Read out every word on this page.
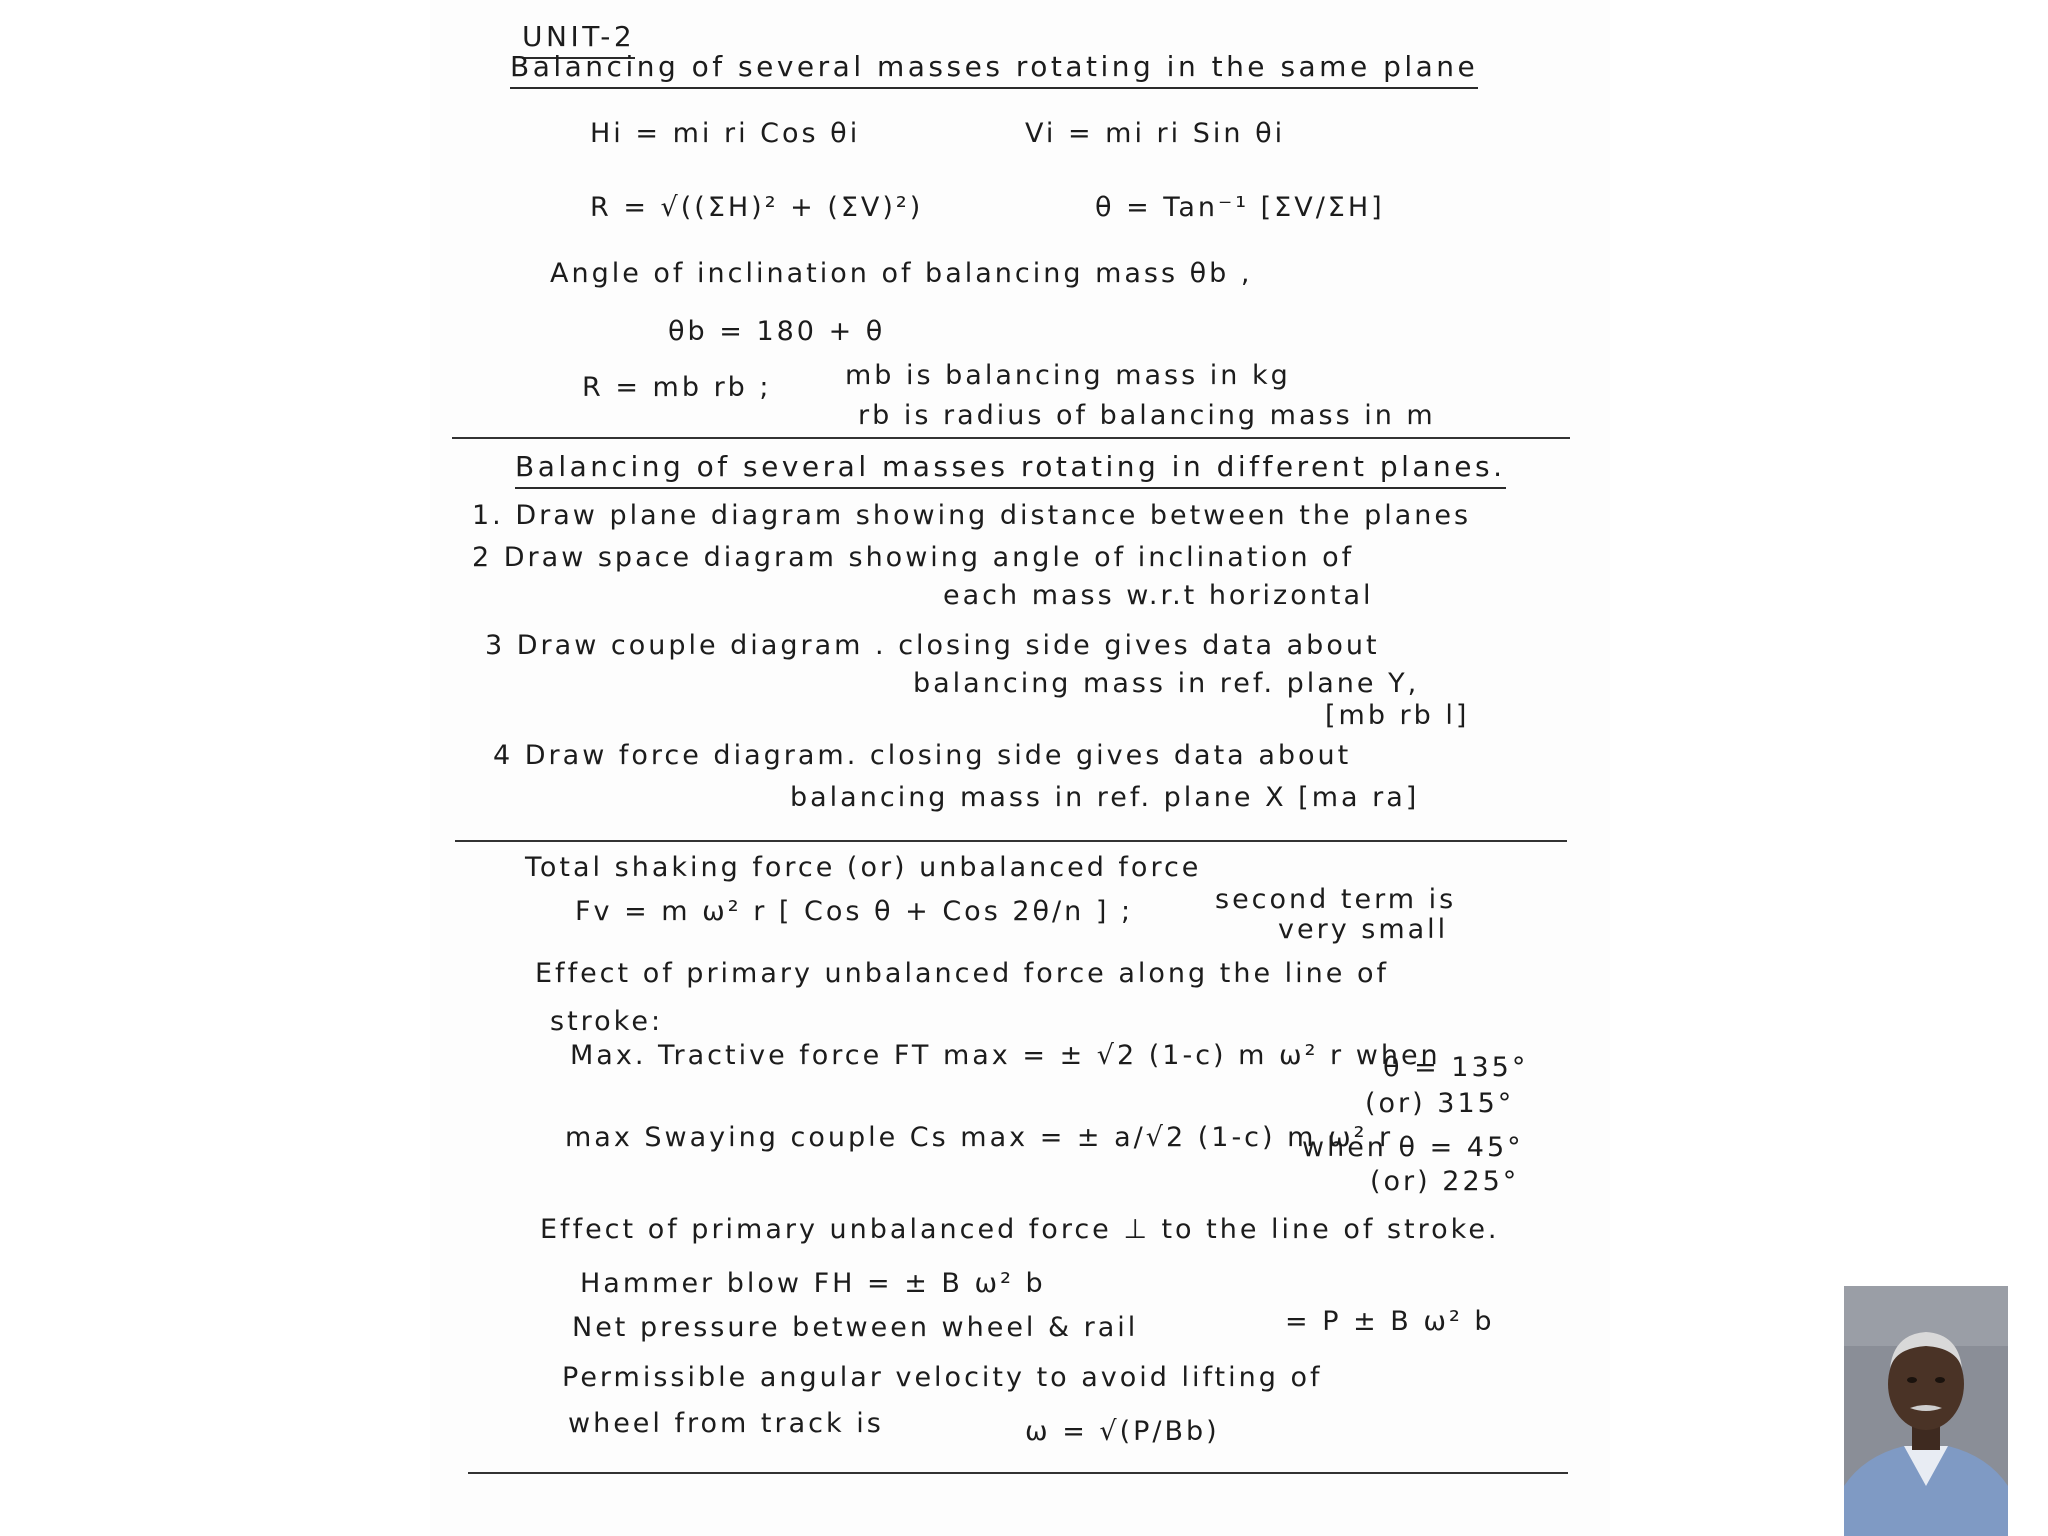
UNIT-2
Balancing of several masses rotating in the same plane
Hi = mi ri Cos θi	Vi = mi ri Sin θi
R = √((ΣH)² + (ΣV)²)	θ = Tan⁻¹ [ΣV/ΣH]
Angle of inclination of balancing mass θb ,
θb = 180 + θ
R = mb rb ;	mb is balancing mass in kg
rb is radius of balancing mass in m
Balancing of several masses rotating in different planes.
1. Draw plane diagram showing distance between the planes
2 Draw space diagram showing angle of inclination of
each mass w.r.t horizontal
3 Draw couple diagram . closing side gives data about
balancing mass in ref. plane Y,
[mb rb l]
4 Draw force diagram. closing side gives data about
balancing mass in ref. plane X [ma ra]
Total shaking force (or) unbalanced force
Fv = m ω² r [ Cos θ + Cos 2θ/n ] ;	second term is
very small
Effect of primary unbalanced force along the line of
stroke:
Max. Tractive force FT max = ± √2 (1-c) m ω² r when
θ = 135°
(or) 315°
max Swaying couple Cs max = ± a/√2 (1-c) m ω² r
when θ = 45°
(or) 225°
Effect of primary unbalanced force ⊥ to the line of stroke.
Hammer blow FH = ± B ω² b
Net pressure between wheel & rail	= P ± B ω² b
Permissible angular velocity to avoid lifting of
wheel from track is	ω = √(P/Bb)
